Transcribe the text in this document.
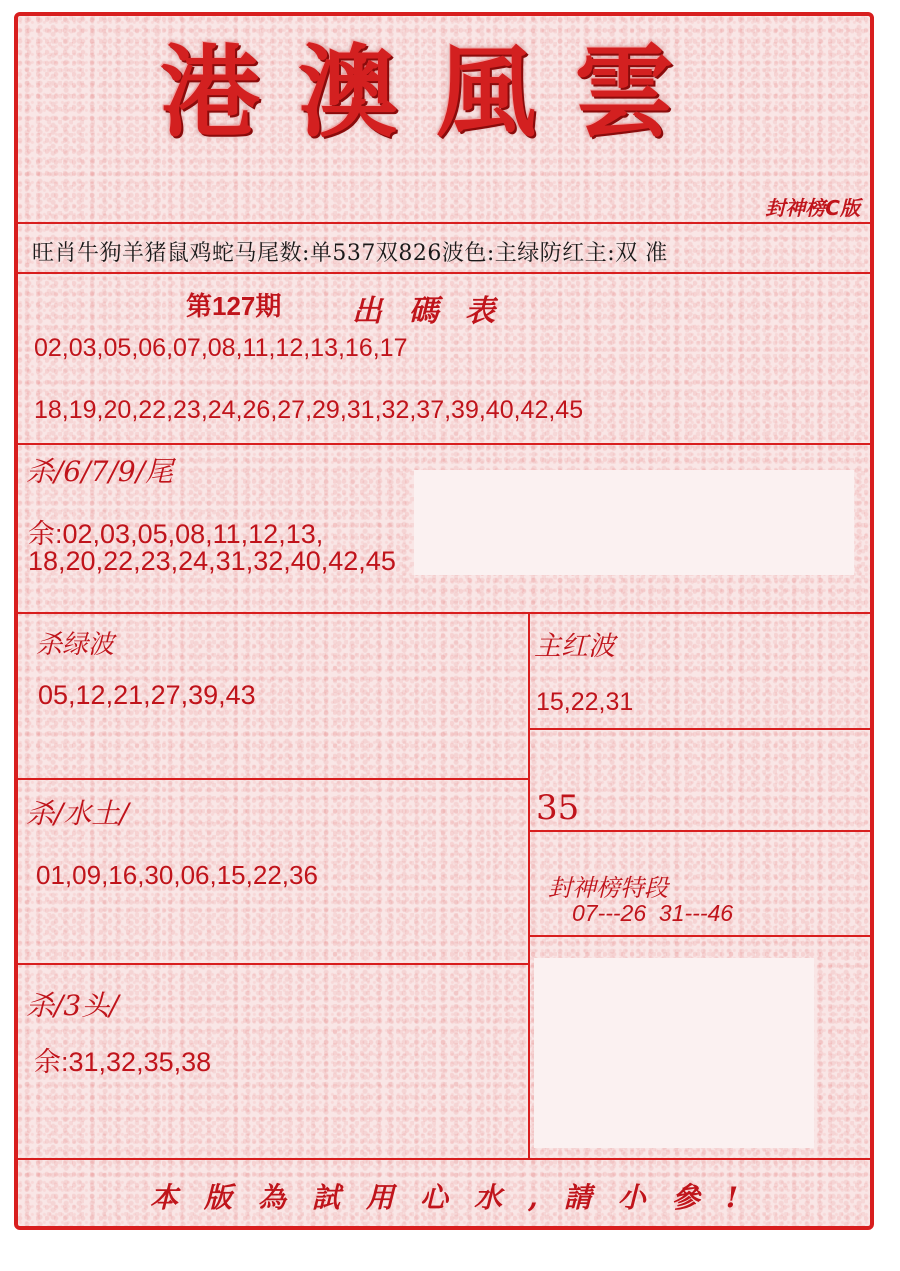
港澳風雲
封神榜C版
旺肖牛狗羊猪鼠鸡蛇马尾数:单537双826波色:主绿防红主:双 准
第127期 出 碼 表
02,03,05,06,07,08,11,12,13,16,17
18,19,20,22,23,24,26,27,29,31,32,37,39,40,42,45
杀/6/7/9/尾
余:02,03,05,08,11,12,13,
18,20,22,23,24,31,32,40,42,45
杀绿波
05,12,21,27,39,43
主红波
15,22,31
杀/水土/
01,09,16,30,06,15,22,36
35
封神榜特段
07---26  31---46
杀/3头/
余:31,32,35,38
本版為試用心水,請小參!
